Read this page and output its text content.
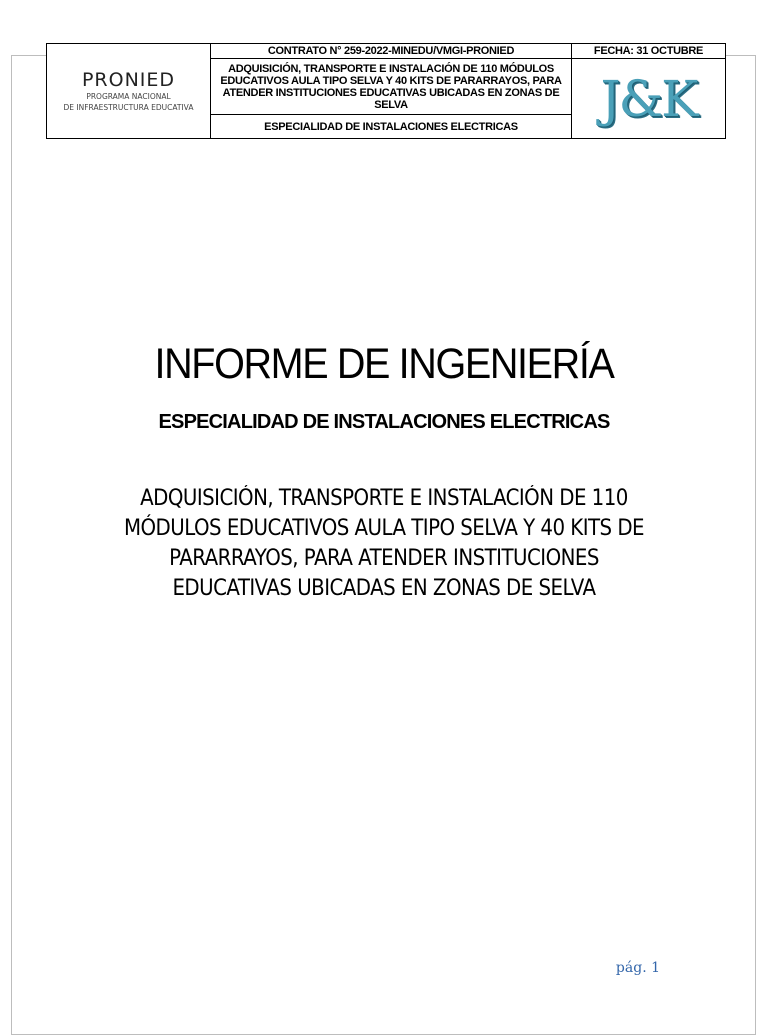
PRONIED
PROGRAMA NACIONAL
DE INFRAESTRUCTURA EDUCATIVA	CONTRATO N° 259-2022-MINEDU/VMGI-PRONIED	FECHA: 31 OCTUBRE
	ADQUISICIÓN, TRANSPORTE E INSTALACIÓN DE 110 MÓDULOS EDUCATIVOS AULA TIPO SELVA Y 40 KITS DE PARARRAYOS, PARA ATENDER INSTITUCIONES EDUCATIVAS UBICADAS EN ZONAS DE SELVA	J&K
	ESPECIALIDAD DE INSTALACIONES ELECTRICAS	
INFORME DE INGENIERÍA
ESPECIALIDAD DE INSTALACIONES ELECTRICAS
ADQUISICIÓN, TRANSPORTE E INSTALACIÓN DE 110 MÓDULOS EDUCATIVOS AULA TIPO SELVA Y 40 KITS DE PARARRAYOS, PARA ATENDER INSTITUCIONES EDUCATIVAS UBICADAS EN ZONAS DE SELVA
pág. 1
